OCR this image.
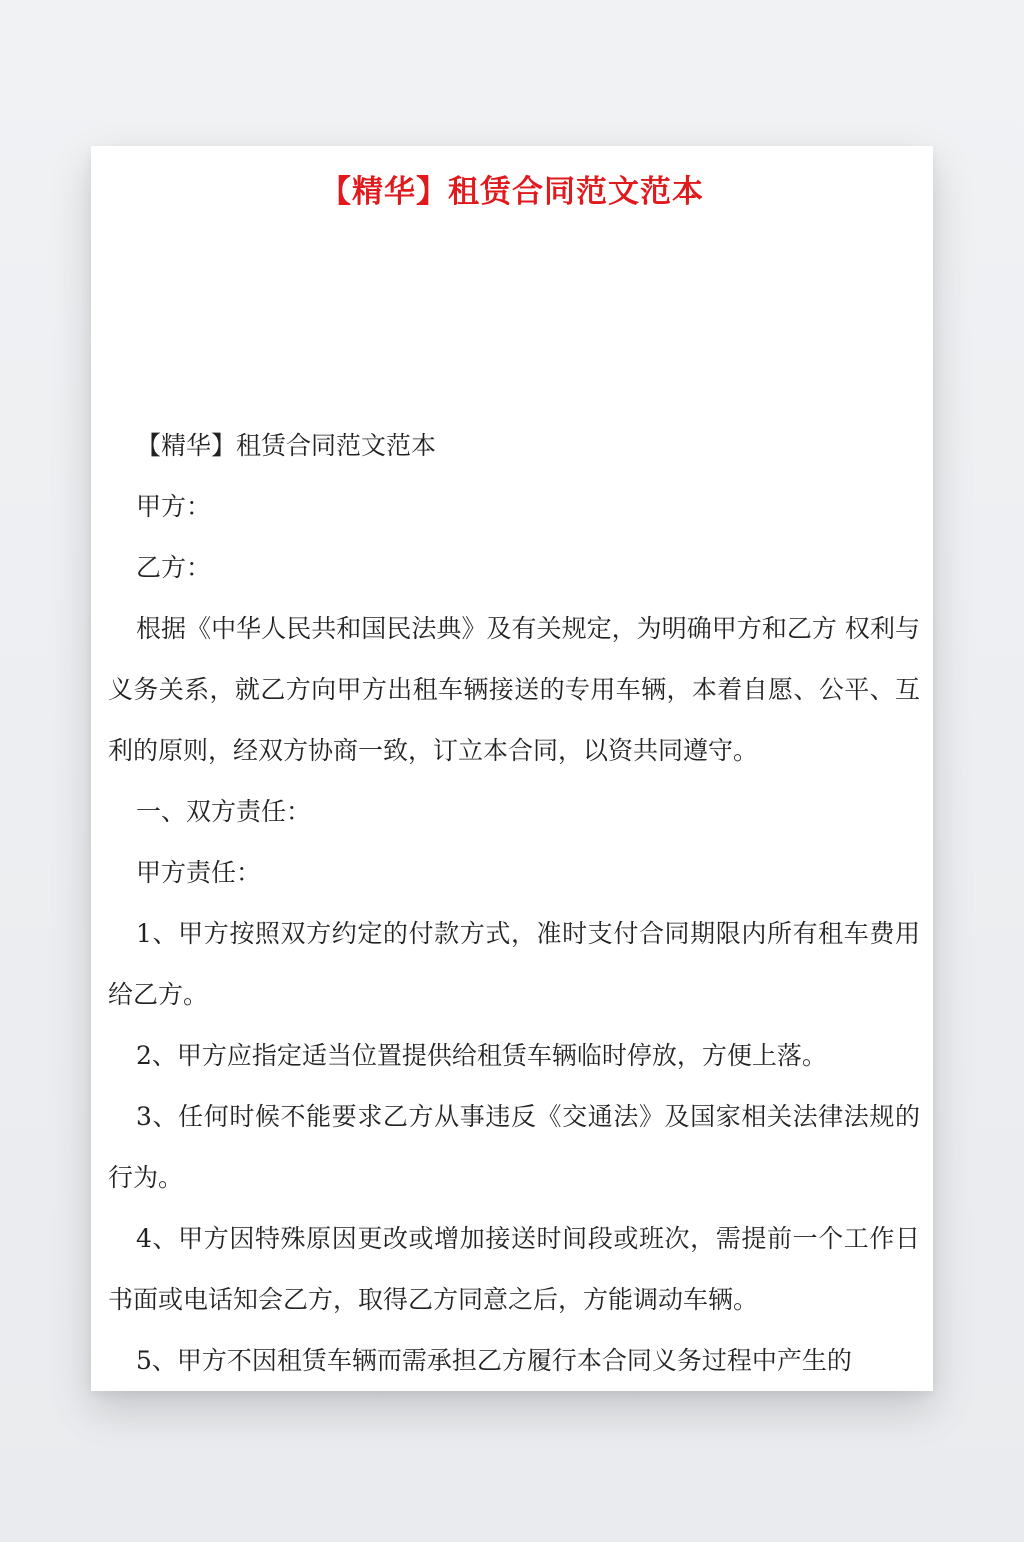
【精华】租赁合同范文范本

【精华】租赁合同范文范本

甲方：

乙方：

根据《中华人民共和国民法典》及有关规定，为明确甲方和乙方 权利与义务关系，就乙方向甲方出租车辆接送的专用车辆，本着自愿、公平、互利的原则，经双方协商一致，订立本合同，以资共同遵守。

一、双方责任：

甲方责任：

1、甲方按照双方约定的付款方式，准时支付合同期限内所有租车费用给乙方。

2、甲方应指定适当位置提供给租赁车辆临时停放，方便上落。

3、任何时候不能要求乙方从事违反《交通法》及国家相关法律法规的行为。

4、甲方因特殊原因更改或增加接送时间段或班次，需提前一个工作日书面或电话知会乙方，取得乙方同意之后，方能调动车辆。

5、甲方不因租赁车辆而需承担乙方履行本合同义务过程中产生的
